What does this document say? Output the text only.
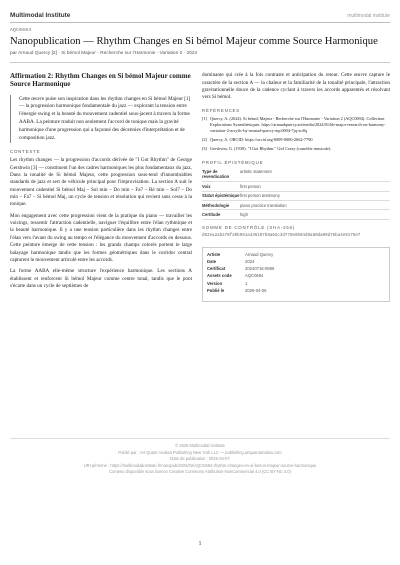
Multimodal Institute	multimodal institute
AQC0694
Nanopublication — Rhythm Changes en Si bémol Majeur comme Source Harmonique
par Arnaud Quercy [2] · Si bémol Majeur - Recherche sur l'Harmonie - Variation 2 · 2024
Affirmation 2: Rhythm Changes en Si bémol Majeur comme Source Harmonique
Cette œuvre puise son inspiration dans les rhythm changes en Si bémol Majeur [1] — la progression harmonique fondamentale du jazz — explorant la tension entre l'énergie swing et la beauté du mouvement cadentiel sous-jacent à travers la forme AABA. La peinture traduit non seulement l'accord de tonique mais la gravité harmonique d'une progression qui a façonné des décennies d'interprétation et de composition jazz.
CONTEXTE

Les rhythm changes — la progression d'accords dérivée de "I Got Rhythm" de George Gershwin [3] — constituent l'un des cadres harmoniques les plus fondamentaux du jazz. Dans la tonalité de Si bémol Majeur, cette progression sous-tend d'innombrables standards de jazz et sert de véhicule principal pour l'improvisation. La section A suit le mouvement cadentiel Si bémol Maj – Sol min – Do min – Fa7 – Ré min – Sol7 – Do min – Fa7 – Si bémol Maj, un cycle de tension et résolution qui revient sans cesse à la tonique.

Mon engagement avec cette progression vient de la pratique du piano — travailler les voicings, ressentir l'attraction cadentielle, naviguer l'équilibre entre l'élan rythmique et la beauté harmonique. Il y a une tension particulière dans les rhythm changes entre l'élan vers l'avant du swing au tempo et l'élégance du mouvement d'accords en dessous. Cette peinture émerge de cette tension : les grands champs colorés portent le large balayage harmonique tandis que les formes géométriques dans le corridor central capturent le mouvement articulé entre les accords.

La forme AABA elle-même structure l'expérience harmonique. Les sections A établissent et renforcent Si bémol Majeur comme centre tonal, tandis que le pont s'écarte dans un cycle de septièmes de

dominante qui crée à la fois contraste et anticipation du retour. Cette œuvre capture le caractère de la section A — la chaleur et la familiarité de la tonalité principale, l'attraction gravitationnelle douce de la cadence cyclant à travers les accords apparentés et résolvant vers Si bémol.

RÉFÉRENCES
[1] Quercy, A. (2024). Si bémol Majeur - Recherche sur l'Harmonie - Variation 2 (AQC0694). Collection Explorations Synesthésiques. https://arnaudquercy.art/media/2024/01/bb-major-research-on-harmony-variation-2-acrylic-by-arnaud-quercy-aqc0694-7jq-xo8q
[2] Quercy, A. ORCID: https://orcid.org/0009-0000-2662-7790
[3] Gershwin, G. (1930). "I Got Rhythm." Girl Crazy (comédie musicale).
PROFIL ÉPISTÉMIQUE
Type de revendication	artistic statement
Voix	first person
Statut épistémique	first person testimony
Méthodologie	piano practice translation
Certitude	high
SOMME DE CONTRÔLE (SHA-256)
d62ea2a5278f20b991a436107b9a62c3d770e9b94d9a80da09d75ba4e9175e7
Artiste	Arnaud Quercy
Date	2024
Certificat	20240716-0596
Assets code	AQC0694
Version	1
Publié le	2026-04-06
© 2026 Multimodal Institute
Publié par : Art Quant Analisa Publishing New York LLC — publishing.artquantanalisa.com
Date de publication : 2026-04-07
URI pérenne : https://multimodalinstitute.fr/nanopub/2026/02/AQC0694-rhythm-changes-en-si-bemol-majeur-source-harmonique
Contenu disponible sous licence Creative Commons Attribution-NonCommercial 4.0 (CC BY-NC 4.0)
1
